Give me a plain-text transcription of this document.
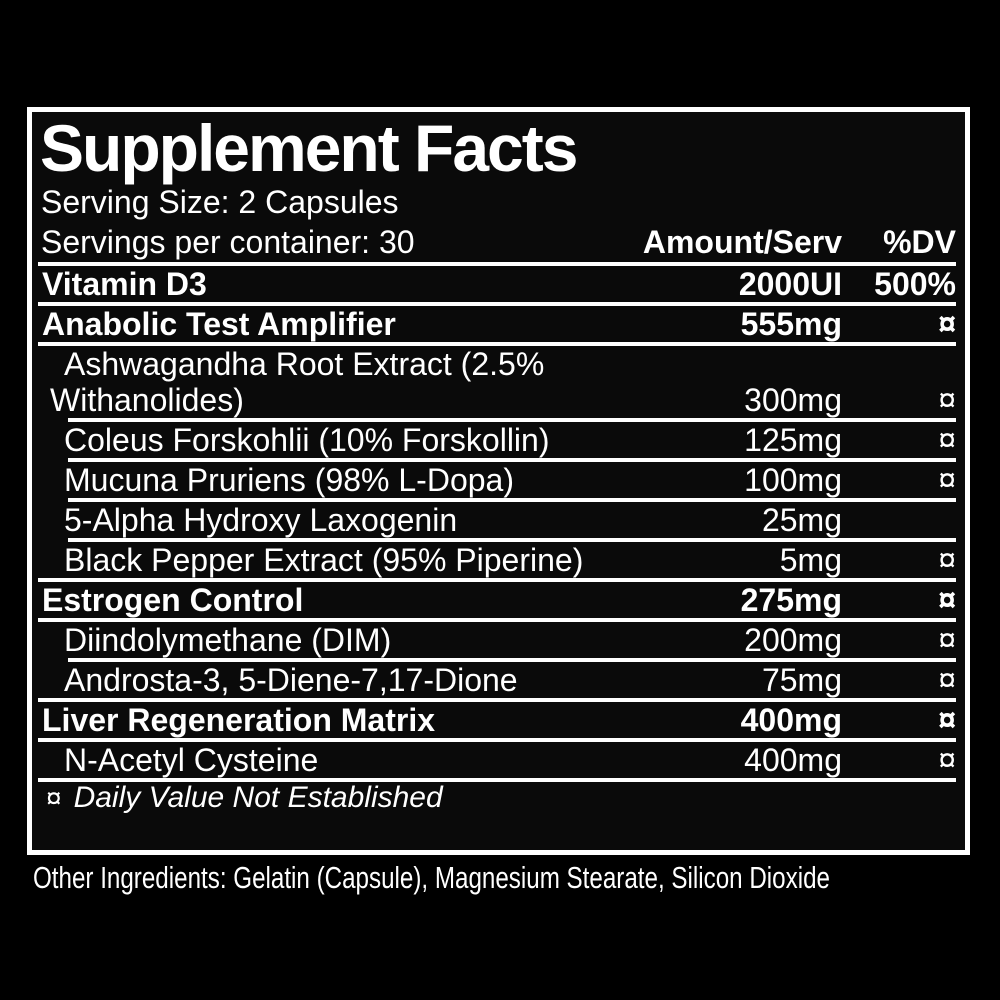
Supplement Facts
Serving Size: 2 Capsules
Servings per container: 30	Amount/Serv	%DV
Vitamin D3	2000UI	500%
Anabolic Test Amplifier	555mg	¤
Ashwagandha Root Extract (2.5%
Withanolides)	300mg	¤
Coleus Forskohlii (10% Forskollin)	125mg	¤
Mucuna Pruriens (98% L-Dopa)	100mg	¤
5-Alpha Hydroxy Laxogenin	25mg
Black Pepper Extract (95% Piperine)	5mg	¤
Estrogen Control	275mg	¤
Diindolymethane (DIM)	200mg	¤
Androsta-3, 5-Diene-7,17-Dione	75mg	¤
Liver Regeneration Matrix	400mg	¤
N-Acetyl Cysteine	400mg	¤
¤ Daily Value Not Established
Other Ingredients: Gelatin (Capsule), Magnesium Stearate, Silicon Dioxide
